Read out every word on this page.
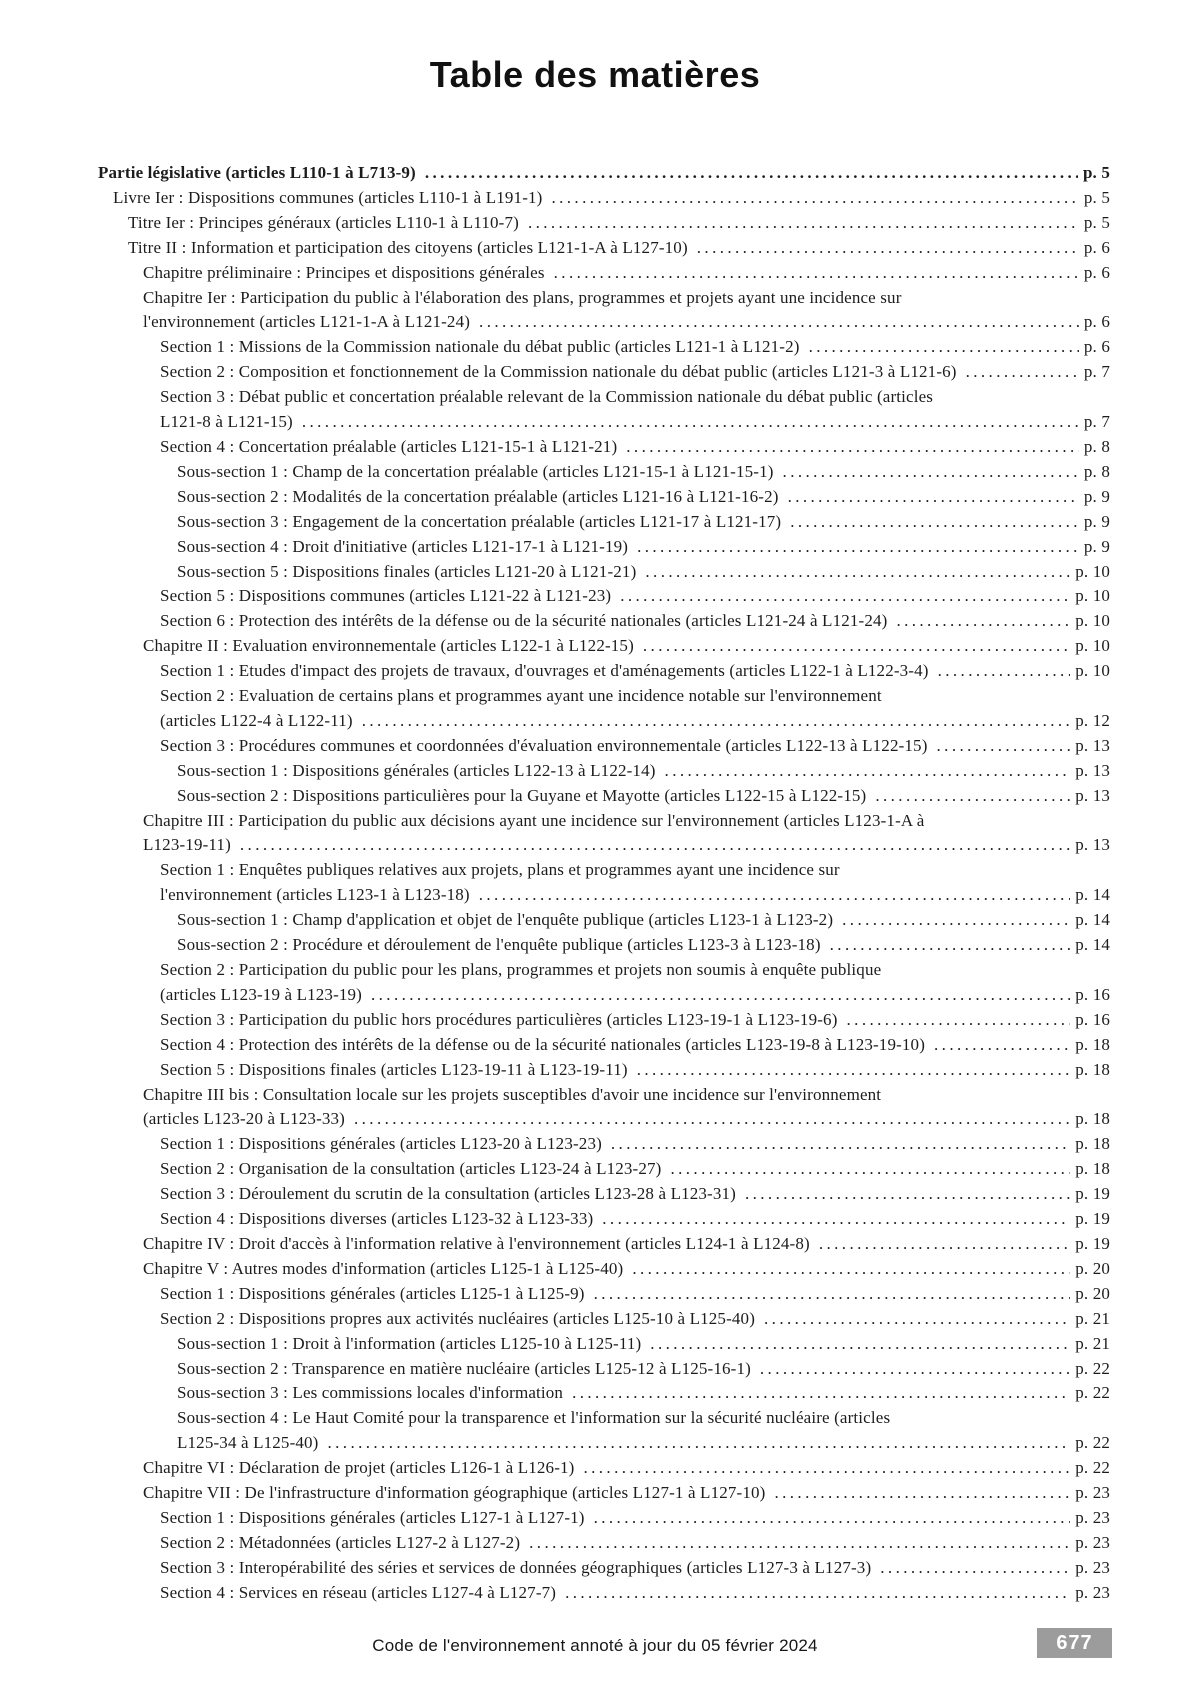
Table des matières
Partie législative (articles L110-1 à L713-9) .....	p. 5
Livre Ier : Dispositions communes (articles L110-1 à L191-1) .....	p. 5
Titre Ier : Principes généraux (articles L110-1 à L110-7) .....	p. 5
Titre II : Information et participation des citoyens (articles L121-1-A à L127-10) .....	p. 6
Chapitre préliminaire : Principes et dispositions générales .....	p. 6
Chapitre Ier : Participation du public à l'élaboration des plans, programmes et projets ayant une incidence sur
l'environnement (articles L121-1-A à L121-24) .....	p. 6
Section 1 : Missions de la Commission nationale du débat public (articles L121-1 à L121-2) .....	p. 6
Section 2 : Composition et fonctionnement de la Commission nationale du débat public (articles L121-3 à L121-6) .....	p. 7
Section 3 : Débat public et concertation préalable relevant de la Commission nationale du débat public (articles
L121-8 à L121-15) .....	p. 7
Section 4 : Concertation préalable (articles L121-15-1 à L121-21) .....	p. 8
Sous-section 1 : Champ de la concertation préalable (articles L121-15-1 à L121-15-1) .....	p. 8
Sous-section 2 : Modalités de la concertation préalable (articles L121-16 à L121-16-2) .....	p. 9
Sous-section 3 : Engagement de la concertation préalable (articles L121-17 à L121-17) .....	p. 9
Sous-section 4 : Droit d'initiative (articles L121-17-1 à L121-19) .....	p. 9
Sous-section 5 : Dispositions finales (articles L121-20 à L121-21) .....	p. 10
Section 5 : Dispositions communes (articles L121-22 à L121-23) .....	p. 10
Section 6 : Protection des intérêts de la défense ou de la sécurité nationales (articles L121-24 à L121-24) .....	p. 10
Chapitre II : Evaluation environnementale (articles L122-1 à L122-15) .....	p. 10
Section 1 : Etudes d'impact des projets de travaux, d'ouvrages et d'aménagements (articles L122-1 à L122-3-4) .....	p. 10
Section 2 : Evaluation de certains plans et programmes ayant une incidence notable sur l'environnement
(articles L122-4 à L122-11) .....	p. 12
Section 3 : Procédures communes et coordonnées d'évaluation environnementale (articles L122-13 à L122-15) .....	p. 13
Sous-section 1 : Dispositions générales (articles L122-13 à L122-14) .....	p. 13
Sous-section 2 : Dispositions particulières pour la Guyane et Mayotte (articles L122-15 à L122-15) .....	p. 13
Chapitre III : Participation du public aux décisions ayant une incidence sur l'environnement (articles L123-1-A à
L123-19-11) .....	p. 13
Section 1 : Enquêtes publiques relatives aux projets, plans et programmes ayant une incidence sur
l'environnement (articles L123-1 à L123-18) .....	p. 14
Sous-section 1 : Champ d'application et objet de l'enquête publique (articles L123-1 à L123-2) .....	p. 14
Sous-section 2 : Procédure et déroulement de l'enquête publique (articles L123-3 à L123-18) .....	p. 14
Section 2 : Participation du public pour les plans, programmes et projets non soumis à enquête publique
(articles L123-19 à L123-19) .....	p. 16
Section 3 : Participation du public hors procédures particulières (articles L123-19-1 à L123-19-6) .....	p. 16
Section 4 : Protection des intérêts de la défense ou de la sécurité nationales (articles L123-19-8 à L123-19-10) .....	p. 18
Section 5 : Dispositions finales (articles L123-19-11 à L123-19-11) .....	p. 18
Chapitre III bis : Consultation locale sur les projets susceptibles d'avoir une incidence sur l'environnement
(articles L123-20 à L123-33) .....	p. 18
Section 1 : Dispositions générales (articles L123-20 à L123-23) .....	p. 18
Section 2 : Organisation de la consultation (articles L123-24 à L123-27) .....	p. 18
Section 3 : Déroulement du scrutin de la consultation (articles L123-28 à L123-31) .....	p. 19
Section 4 : Dispositions diverses (articles L123-32 à L123-33) .....	p. 19
Chapitre IV : Droit d'accès à l'information relative à l'environnement (articles L124-1 à L124-8) .....	p. 19
Chapitre V : Autres modes d'information (articles L125-1 à L125-40) .....	p. 20
Section 1 : Dispositions générales (articles L125-1 à L125-9) .....	p. 20
Section 2 : Dispositions propres aux activités nucléaires (articles L125-10 à L125-40) .....	p. 21
Sous-section 1 : Droit à l'information (articles L125-10 à L125-11) .....	p. 21
Sous-section 2 : Transparence en matière nucléaire (articles L125-12 à L125-16-1) .....	p. 22
Sous-section 3 : Les commissions locales d'information .....	p. 22
Sous-section 4 : Le Haut Comité pour la transparence et l'information sur la sécurité nucléaire (articles
L125-34 à L125-40) .....	p. 22
Chapitre VI : Déclaration de projet (articles L126-1 à L126-1) .....	p. 22
Chapitre VII : De l'infrastructure d'information géographique (articles L127-1 à L127-10) .....	p. 23
Section 1 : Dispositions générales (articles L127-1 à L127-1) .....	p. 23
Section 2 : Métadonnées (articles L127-2 à L127-2) .....	p. 23
Section 3 : Interopérabilité des séries et services de données géographiques (articles L127-3 à L127-3) .....	p. 23
Section 4 : Services en réseau (articles L127-4 à L127-7) .....	p. 23
Code de l'environnement annoté à jour du 05 février 2024	677
